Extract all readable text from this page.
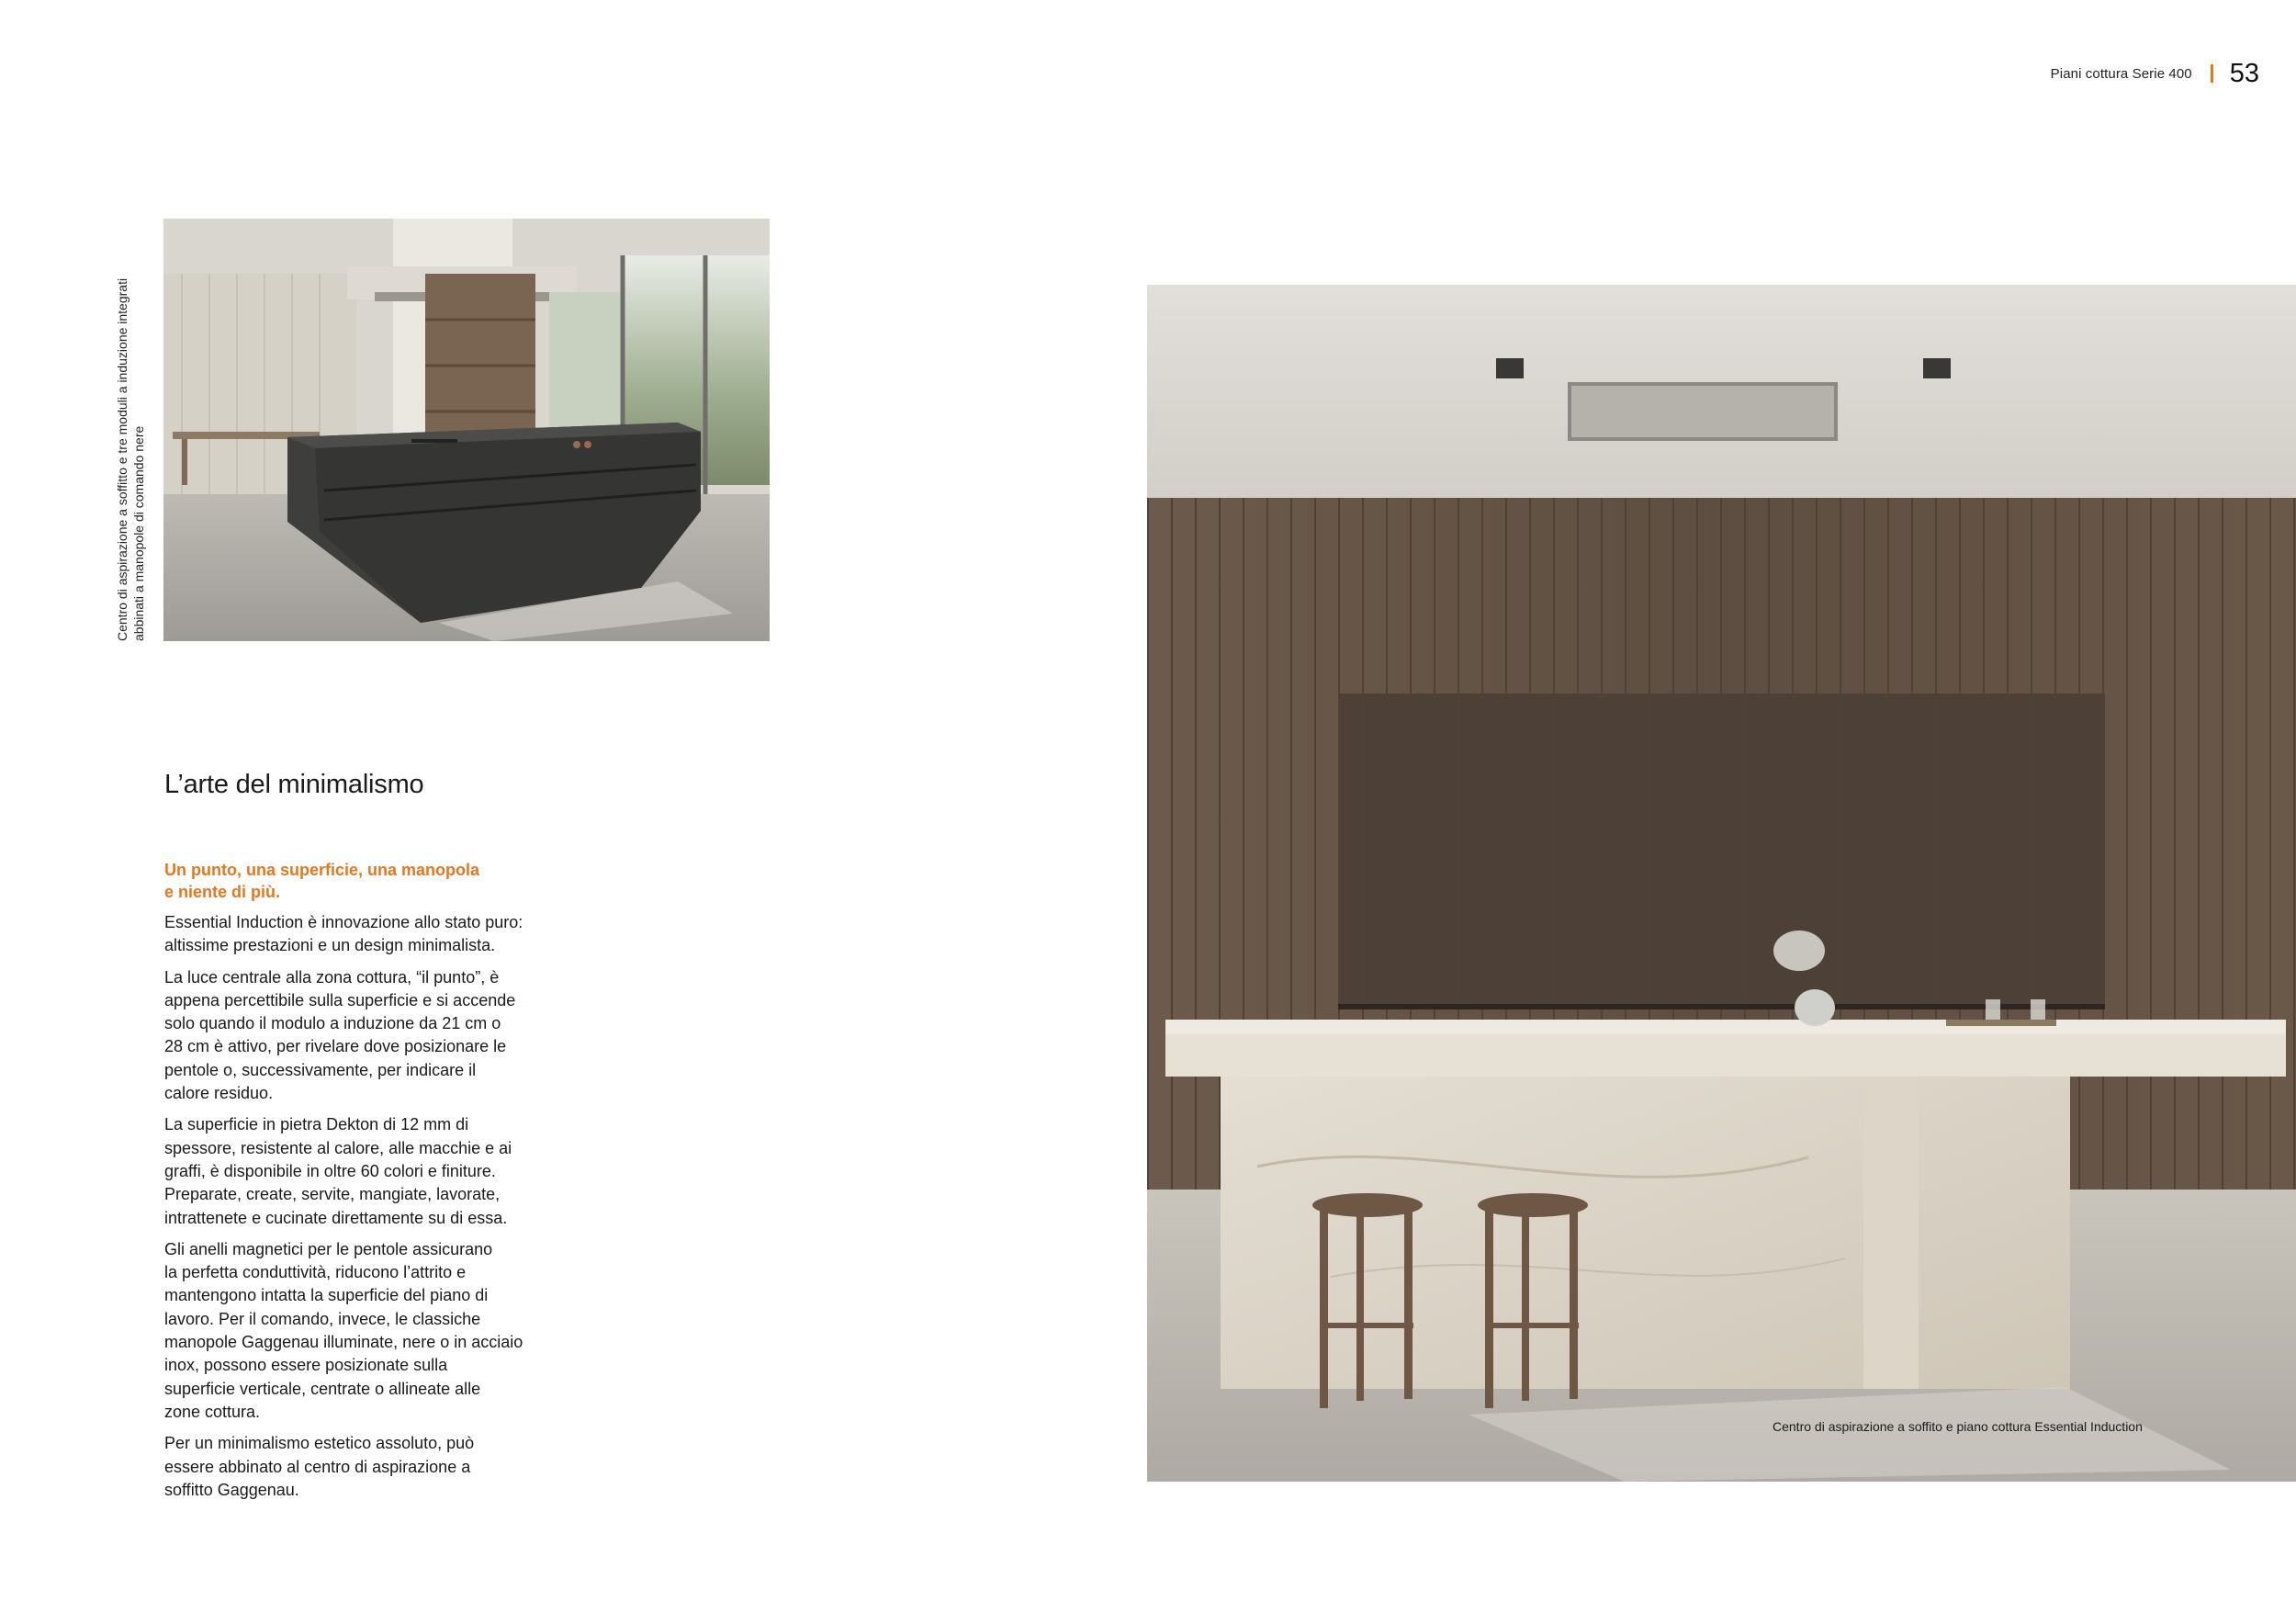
Piani cottura Serie 400 53
Centro di aspirazione a soffitto e tre moduli a induzione integrati abbinati a manopole di comando nere
L’arte del minimalismo
Un punto, una superficie, una manopola
e niente di più.

Essential Induction è innovazione allo stato puro:
altissime prestazioni e un design minimalista.

La luce centrale alla zona cottura, “il punto”, è
appena percettibile sulla superficie e si accende
solo quando il modulo a induzione da 21 cm o
28 cm è attivo, per rivelare dove posizionare le
pentole o, successivamente, per indicare il
calore residuo.

La superficie in pietra Dekton di 12 mm di
spessore, resistente al calore, alle macchie e ai
graffi, è disponibile in oltre 60 colori e finiture.
Preparate, create, servite, mangiate, lavorate,
intrattenete e cucinate direttamente su di essa.

Gli anelli magnetici per le pentole assicurano
la perfetta conduttività, riducono l’attrito e
mantengono intatta la superficie del piano di
lavoro. Per il comando, invece, le classiche
manopole Gaggenau illuminate, nere o in acciaio
inox, possono essere posizionate sulla
superficie verticale, centrate o allineate alle
zone cottura.

Per un minimalismo estetico assoluto, può
essere abbinato al centro di aspirazione a
soffitto Gaggenau.

Centro di aspirazione a soffito e piano cottura Essential Induction
